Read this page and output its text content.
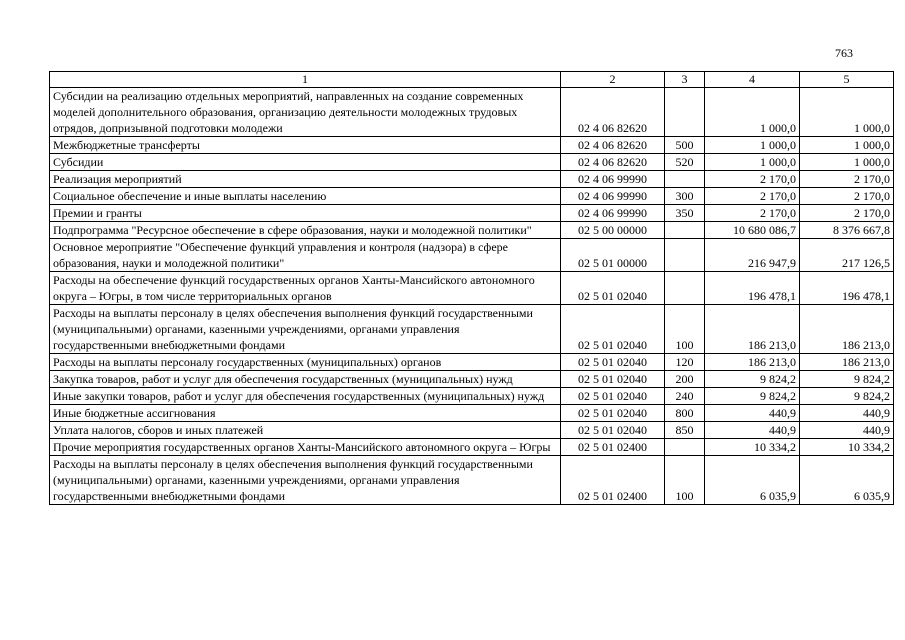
763
1	2	3	4	5
Субсидии на реализацию отдельных мероприятий, направленных на создание современных моделей дополнительного образования, организацию деятельности молодежных трудовых отрядов, допризывной подготовки молодежи	02 4 06 82620		1 000,0	1 000,0
Межбюджетные трансферты	02 4 06 82620	500	1 000,0	1 000,0
Субсидии	02 4 06 82620	520	1 000,0	1 000,0
Реализация мероприятий	02 4 06 99990		2 170,0	2 170,0
Социальное обеспечение и иные выплаты населению	02 4 06 99990	300	2 170,0	2 170,0
Премии и гранты	02 4 06 99990	350	2 170,0	2 170,0
Подпрограмма "Ресурсное обеспечение в сфере образования, науки и молодежной политики"	02 5 00 00000		10 680 086,7	8 376 667,8
Основное мероприятие "Обеспечение функций управления и контроля (надзора) в сфере образования, науки и молодежной политики"	02 5 01 00000		216 947,9	217 126,5
Расходы на обеспечение функций государственных органов Ханты-Мансийского автономного округа – Югры, в том числе территориальных органов	02 5 01 02040		196 478,1	196 478,1
Расходы на выплаты персоналу в целях обеспечения выполнения функций государственными (муниципальными) органами, казенными учреждениями, органами управления государственными внебюджетными фондами	02 5 01 02040	100	186 213,0	186 213,0
Расходы на выплаты персоналу государственных (муниципальных) органов	02 5 01 02040	120	186 213,0	186 213,0
Закупка товаров, работ и услуг для обеспечения государственных (муниципальных) нужд	02 5 01 02040	200	9 824,2	9 824,2
Иные закупки товаров, работ и услуг для обеспечения государственных (муниципальных) нужд	02 5 01 02040	240	9 824,2	9 824,2
Иные бюджетные ассигнования	02 5 01 02040	800	440,9	440,9
Уплата налогов, сборов и иных платежей	02 5 01 02040	850	440,9	440,9
Прочие мероприятия государственных органов Ханты-Мансийского автономного округа – Югры	02 5 01 02400		10 334,2	10 334,2
Расходы на выплаты персоналу в целях обеспечения выполнения функций государственными (муниципальными) органами, казенными учреждениями, органами управления государственными внебюджетными фондами	02 5 01 02400	100	6 035,9	6 035,9
